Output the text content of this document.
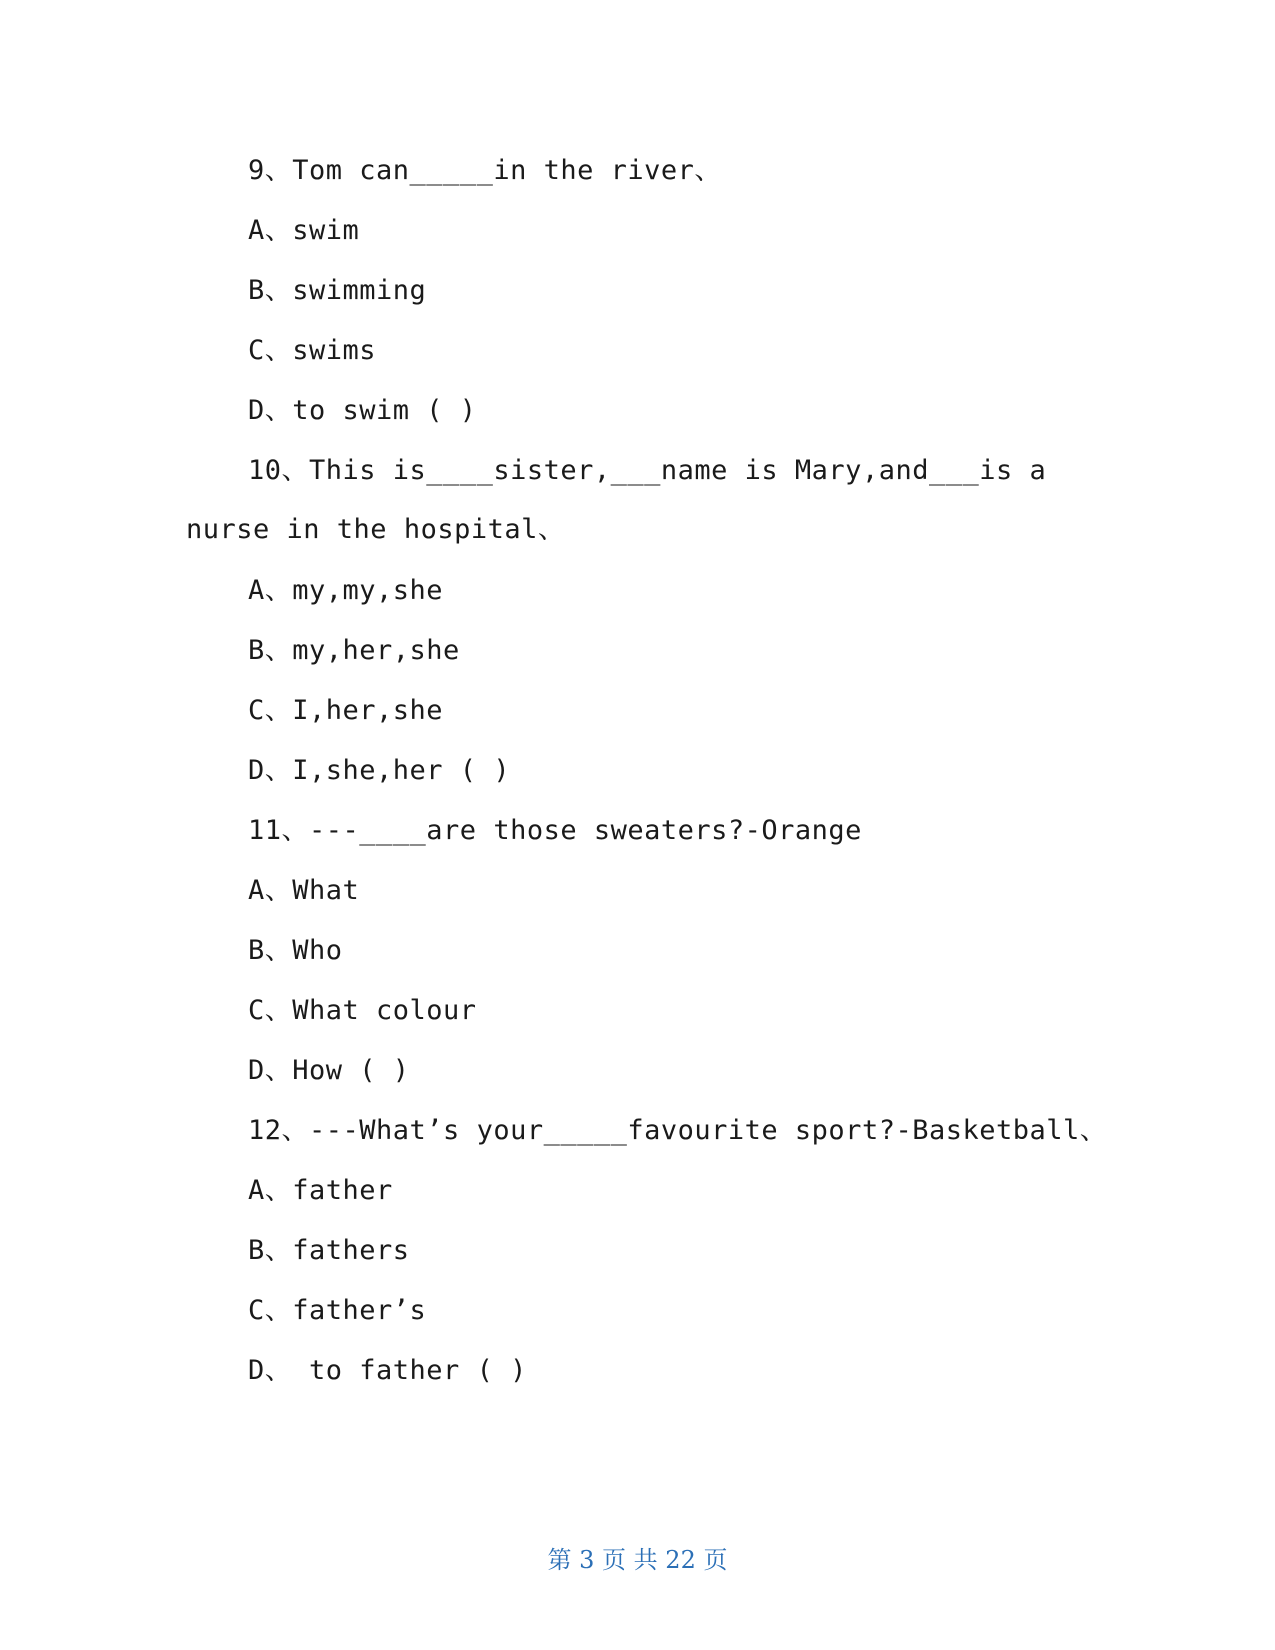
9、Tom can_____in the river、
A、swim
B、swimming
C、swims
D、to swim ( )
10、This is____sister,___name is Mary,and___is a
nurse in the hospital、
A、my,my,she
B、my,her,she
C、I,her,she
D、I,she,her ( )
11、---____are those sweaters?-Orange
A、What
B、Who
C、What colour
D、How ( )
12、---What’s your_____favourite sport?-Basketball、
A、father
B、fathers
C、father’s
D、 to father ( )
第 3 页 共 22 页
